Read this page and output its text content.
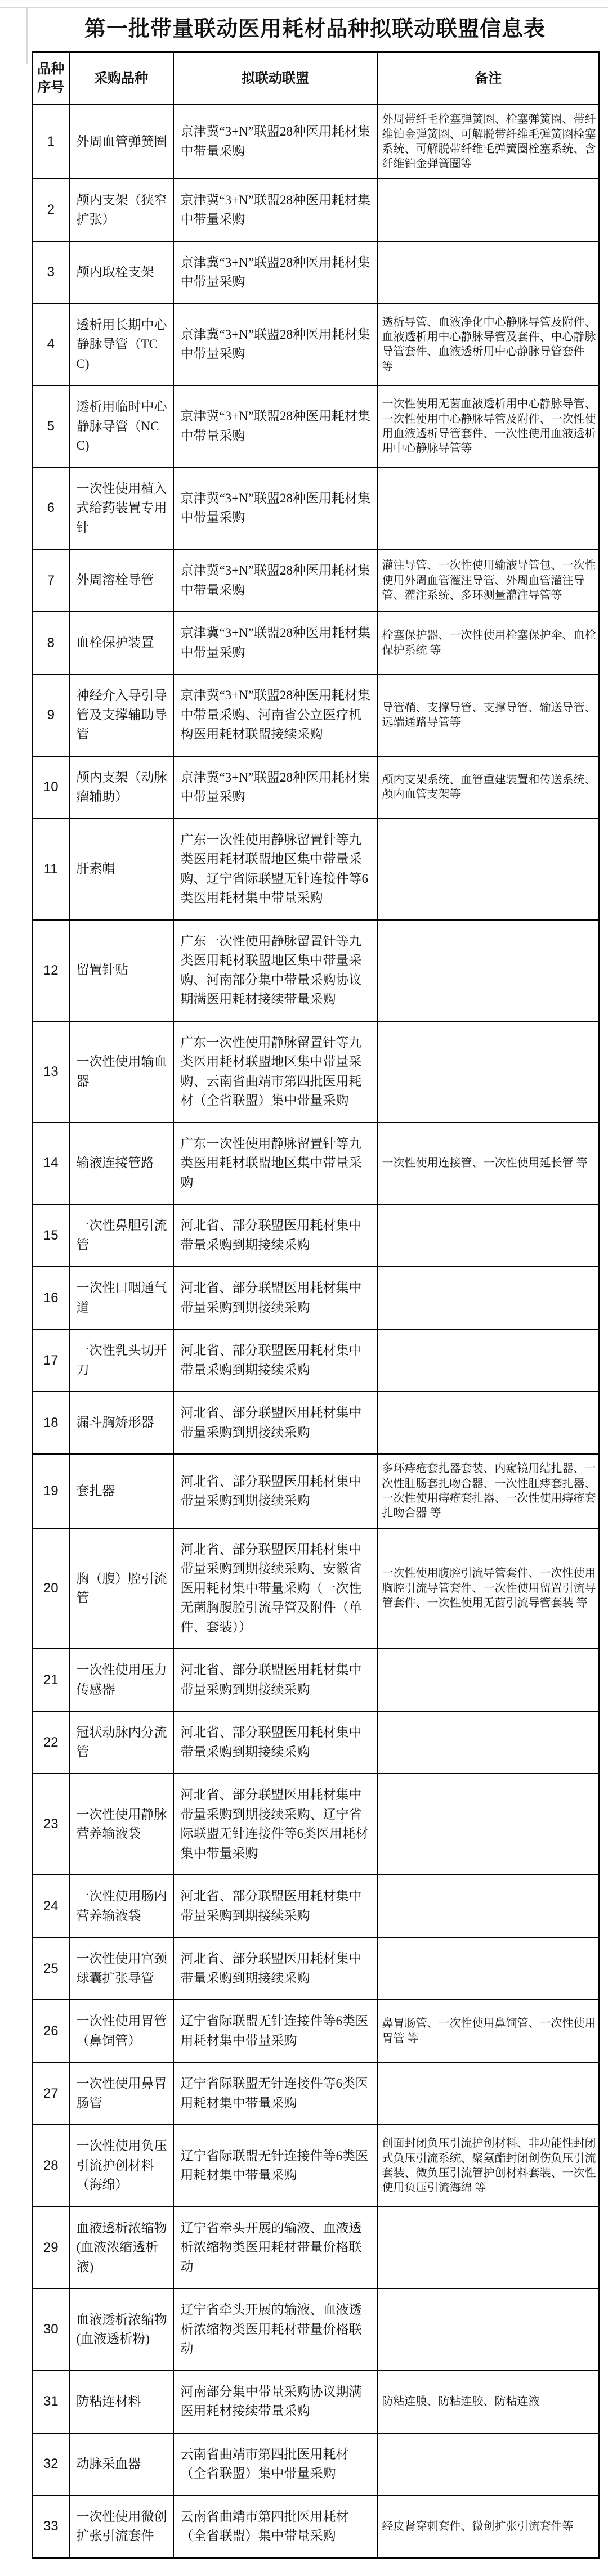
第一批带量联动医用耗材品种拟联动联盟信息表
品种序号	采购品种	拟联动联盟	备注
1	外周血管弹簧圈	京津冀“3+N”联盟28种医用耗材集中带量采购	外周带纤毛栓塞弹簧圈、栓塞弹簧圈、带纤维铂金弹簧圈、可解脱带纤维毛弹簧圈栓塞系统、可解脱带纤维毛弹簧圈栓塞系统、含纤维铂金弹簧圈等
2	颅内支架（狭窄扩张）	京津冀“3+N”联盟28种医用耗材集中带量采购	
3	颅内取栓支架	京津冀“3+N”联盟28种医用耗材集中带量采购	
4	透析用长期中心静脉导管（TCC)	京津冀“3+N”联盟28种医用耗材集中带量采购	透析导管、血液净化中心静脉导管及附件、血液透析用中心静脉导管及套件、中心静脉导管套件、血液透析用中心静脉导管套件 等
5	透析用临时中心静脉导管（NCC)	京津冀“3+N”联盟28种医用耗材集中带量采购	一次性使用无菌血液透析用中心静脉导管、一次性使用中心静脉导管及附件、一次性使用血液透析导管套件、一次性使用血液透析用中心静脉导管等
6	一次性使用植入式给药装置专用针	京津冀“3+N”联盟28种医用耗材集中带量采购	
7	外周溶栓导管	京津冀“3+N”联盟28种医用耗材集中带量采购	灌注导管、一次性使用输液导管包、一次性使用外周血管灌注导管、外周血管灌注导管、灌注系统、多环测量灌注导管等
8	血栓保护装置	京津冀“3+N”联盟28种医用耗材集中带量采购	栓塞保护器、一次性使用栓塞保护伞、血栓保护系统 等
9	神经介入导引导管及支撑辅助导管	京津冀“3+N”联盟28种医用耗材集中带量采购、河南省公立医疗机构医用耗材联盟接续采购	导管鞘、支撑导管、支撑导管、输送导管、远端通路导管等
10	颅内支架（动脉瘤辅助）	京津冀“3+N”联盟28种医用耗材集中带量采购	颅内支架系统、血管重建装置和传送系统、颅内血管支架等
11	肝素帽	广东一次性使用静脉留置针等九类医用耗材联盟地区集中带量采购、辽宁省际联盟无针连接件等6类医用耗材集中带量采购	
12	留置针贴	广东一次性使用静脉留置针等九类医用耗材联盟地区集中带量采购、河南部分集中带量采购协议期满医用耗材接续带量采购	
13	一次性使用输血器	广东一次性使用静脉留置针等九类医用耗材联盟地区集中带量采购、云南省曲靖市第四批医用耗材（全省联盟）集中带量采购	
14	输液连接管路	广东一次性使用静脉留置针等九类医用耗材联盟地区集中带量采购	一次性使用连接管、一次性使用延长管 等
15	一次性鼻胆引流管	河北省、部分联盟医用耗材集中带量采购到期接续采购	
16	一次性口咽通气道	河北省、部分联盟医用耗材集中带量采购到期接续采购	
17	一次性乳头切开刀	河北省、部分联盟医用耗材集中带量采购到期接续采购	
18	漏斗胸矫形器	河北省、部分联盟医用耗材集中带量采购到期接续采购	
19	套扎器	河北省、部分联盟医用耗材集中带量采购到期接续采购	多环痔疮套扎器套装、内窥镜用结扎器、一次性肛肠套扎吻合器、一次性肛痔套扎器、一次性使用痔疮套扎器、一次性使用痔疮套扎吻合器 等
20	胸（腹）腔引流管	河北省、部分联盟医用耗材集中带量采购到期接续采购、安徽省医用耗材集中带量采购（一次性无菌胸腹腔引流导管及附件（单件、套装））	一次性使用腹腔引流导管套件、一次性使用胸腔引流导管套件、一次性使用留置引流导管套件、一次性使用无菌引流导管套装 等
21	一次性使用压力传感器	河北省、部分联盟医用耗材集中带量采购到期接续采购	
22	冠状动脉内分流管	河北省、部分联盟医用耗材集中带量采购到期接续采购	
23	一次性使用静脉营养输液袋	河北省、部分联盟医用耗材集中带量采购到期接续采购、辽宁省际联盟无针连接件等6类医用耗材集中带量采购	
24	一次性使用肠内营养输液袋	河北省、部分联盟医用耗材集中带量采购到期接续采购	
25	一次性使用宫颈球囊扩张导管	河北省、部分联盟医用耗材集中带量采购到期接续采购	
26	一次性使用胃管（鼻饲管）	辽宁省际联盟无针连接件等6类医用耗材集中带量采购	鼻胃肠管、一次性使用鼻饲管、一次性使用胃管 等
27	一次性使用鼻胃肠管	辽宁省际联盟无针连接件等6类医用耗材集中带量采购	
28	一次性使用负压引流护创材料（海绵）	辽宁省际联盟无针连接件等6类医用耗材集中带量采购	创面封闭负压引流护创材料、非功能性封闭式负压引流系统、聚氨酯封闭创伤负压引流套装、微负压引流管护创材料套装、一次性使用负压引流海绵 等
29	血液透析浓缩物(血液浓缩透析液)	辽宁省牵头开展的输液、血液透析浓缩物类医用耗材带量价格联动	
30	血液透析浓缩物(血液透析粉)	辽宁省牵头开展的输液、血液透析浓缩物类医用耗材带量价格联动	
31	防粘连材料	河南部分集中带量采购协议期满医用耗材接续带量采购	防粘连膜、防粘连胶、防粘连液
32	动脉采血器	云南省曲靖市第四批医用耗材（全省联盟）集中带量采购	
33	一次性使用微创扩张引流套件	云南省曲靖市第四批医用耗材（全省联盟）集中带量采购	经皮肾穿刺套件、微创扩张引流套件等
